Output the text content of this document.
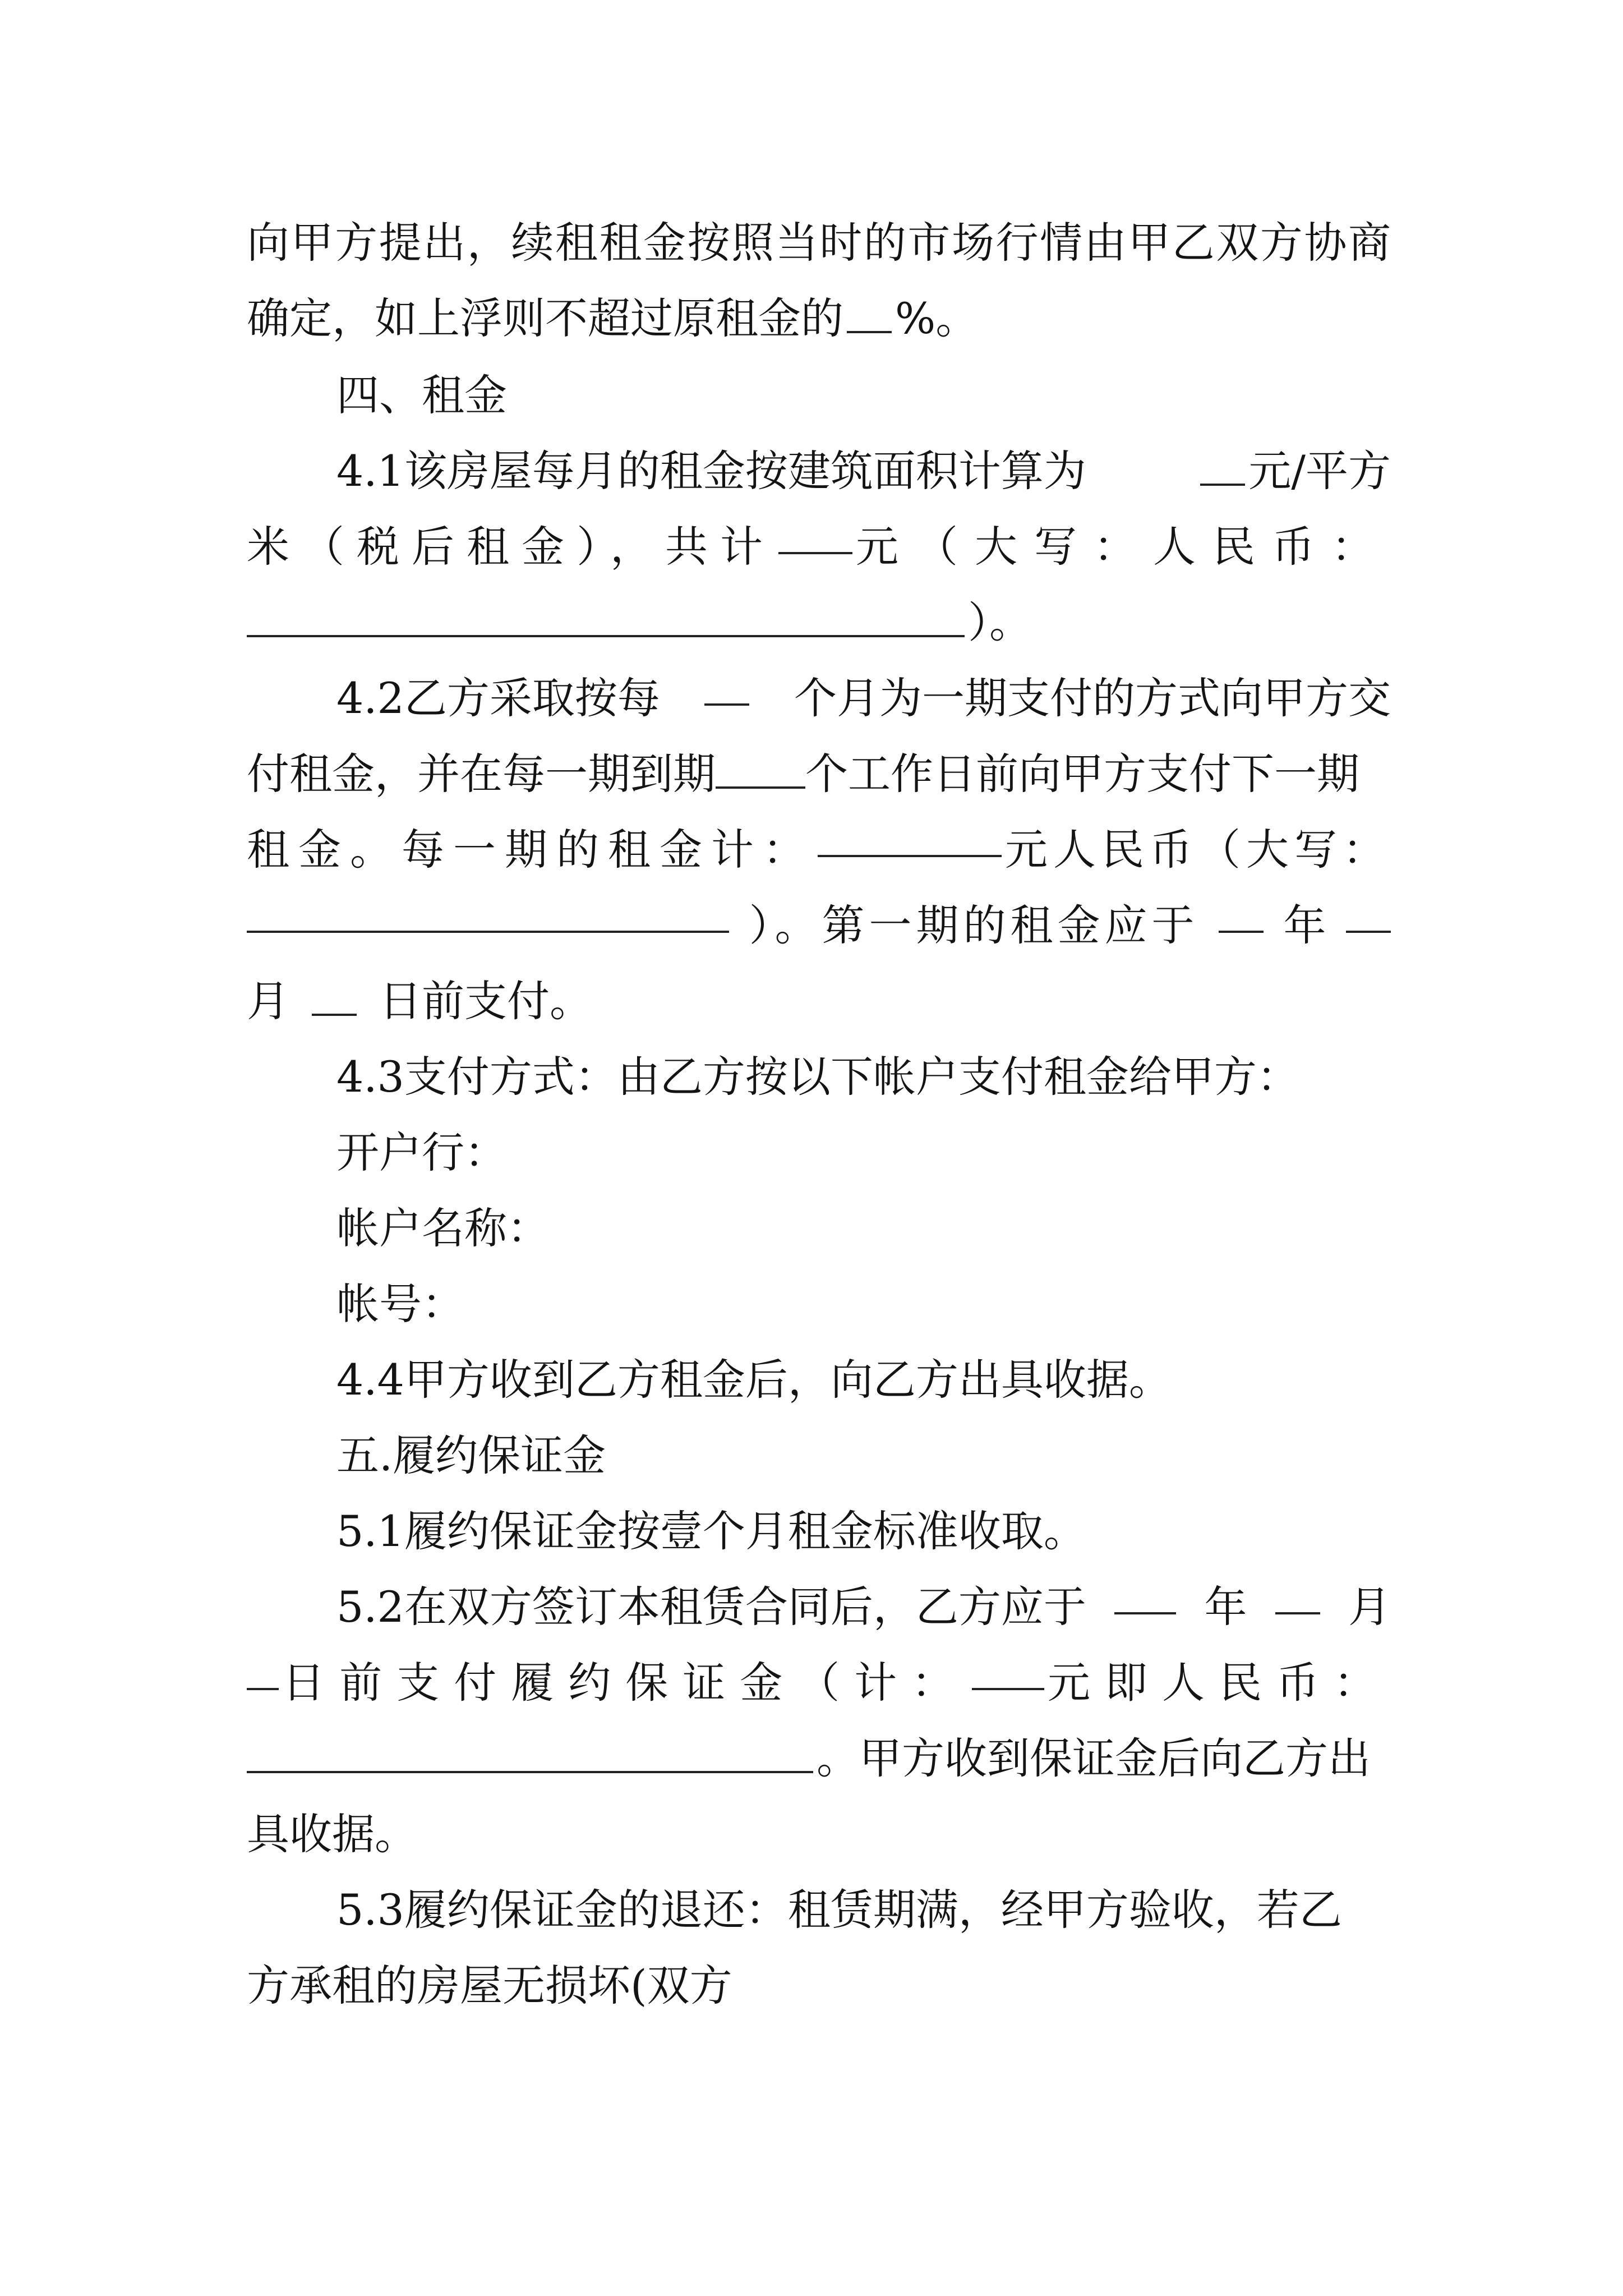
向甲方提出，续租租金按照当时的市场行情由甲乙双方协商
确定，如上浮则不超过原租金的 %。
四、租金
4.1该房屋每月的租金按建筑面积计算为	元/平方
米（税后租金），共计 元（大写：人民币：
）。
4.2乙方采取按每	个月为一期支付的方式向甲方交
付租金，并在每一期到期 个工作日前向甲方支付下一期
租金。每一期的租金计：	元人民币（大写：
）。第一期的租金应于 年
月 日前支付。
4.3支付方式：由乙方按以下帐户支付租金给甲方：
开户行：
帐户名称：
帐号：
4.4甲方收到乙方租金后，向乙方出具收据。
五.履约保证金
5.1履约保证金按壹个月租金标准收取。
5.2在双方签订本租赁合同后，乙方应于	年 月
日前支付履约保证金（计： 元即人民币：
。甲方收到保证金后向乙方出
具收据。
5.3履约保证金的退还：租赁期满，经甲方验收，若乙
方承租的房屋无损坏(双方
